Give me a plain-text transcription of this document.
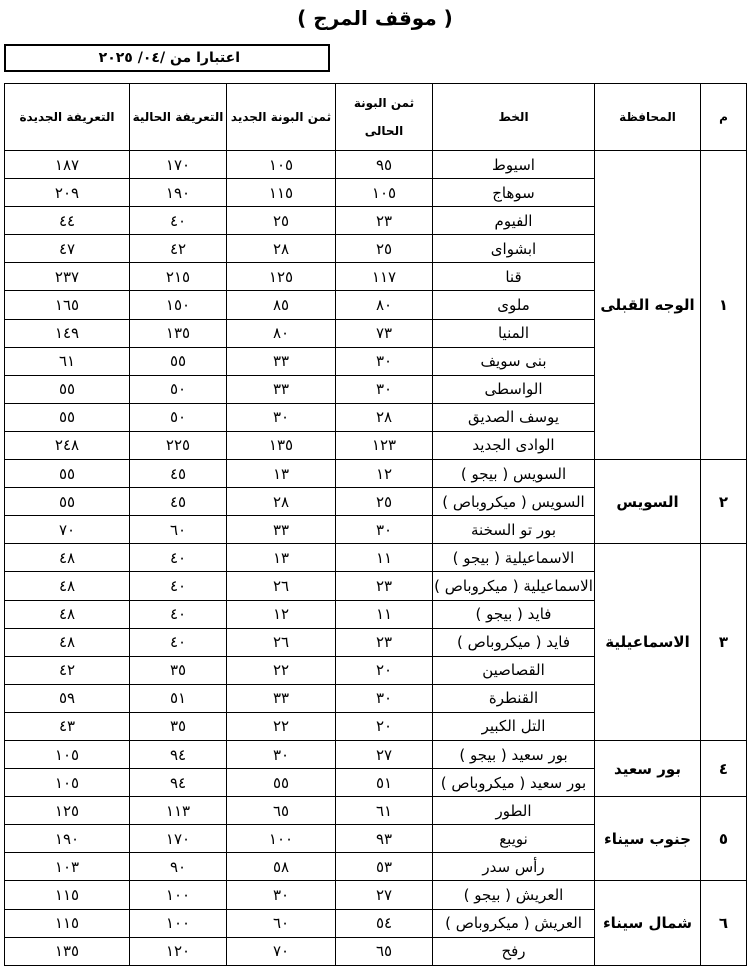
( موقف المرج )
اعتبارا من /٠٤/ ٢٠٢٥
م	المحافظة	الخط	ثمن البونة الحالى	ثمن البونة الجديد	التعريفة الحالية	التعريفة الجديدة
١	الوجه القبلى	اسيوط	٩٥	١٠٥	١٧٠	١٨٧
		سوهاج	١٠٥	١١٥	١٩٠	٢٠٩
		الفيوم	٢٣	٢٥	٤٠	٤٤
		ابشواى	٢٥	٢٨	٤٢	٤٧
		قنا	١١٧	١٢٥	٢١٥	٢٣٧
		ملوى	٨٠	٨٥	١٥٠	١٦٥
		المنيا	٧٣	٨٠	١٣٥	١٤٩
		بنى سويف	٣٠	٣٣	٥٥	٦١
		الواسطى	٣٠	٣٣	٥٠	٥٥
		يوسف الصديق	٢٨	٣٠	٥٠	٥٥
		الوادى الجديد	١٢٣	١٣٥	٢٢٥	٢٤٨
٢	السويس	السويس ( بيجو )	١٢	١٣	٤٥	٥٥
		السويس ( ميكروباص )	٢٥	٢٨	٤٥	٥٥
		بور تو السخنة	٣٠	٣٣	٦٠	٧٠
٣	الاسماعيلية	الاسماعيلية ( بيجو )	١١	١٣	٤٠	٤٨
		الاسماعيلية ( ميكروباص )	٢٣	٢٦	٤٠	٤٨
		فايد ( بيجو )	١١	١٢	٤٠	٤٨
		فايد ( ميكروباص )	٢٣	٢٦	٤٠	٤٨
		القصاصين	٢٠	٢٢	٣٥	٤٢
		القنطرة	٣٠	٣٣	٥١	٥٩
		التل الكبير	٢٠	٢٢	٣٥	٤٣
٤	بور سعيد	بور سعيد ( بيجو )	٢٧	٣٠	٩٤	١٠٥
		بور سعيد ( ميكروباص )	٥١	٥٥	٩٤	١٠٥
٥	جنوب سيناء	الطور	٦١	٦٥	١١٣	١٢٥
		نويبع	٩٣	١٠٠	١٧٠	١٩٠
		رأس سدر	٥٣	٥٨	٩٠	١٠٣
٦	شمال سيناء	العريش ( بيجو )	٢٧	٣٠	١٠٠	١١٥
		العريش ( ميكروباص )	٥٤	٦٠	١٠٠	١١٥
		رفح	٦٥	٧٠	١٢٠	١٣٥
